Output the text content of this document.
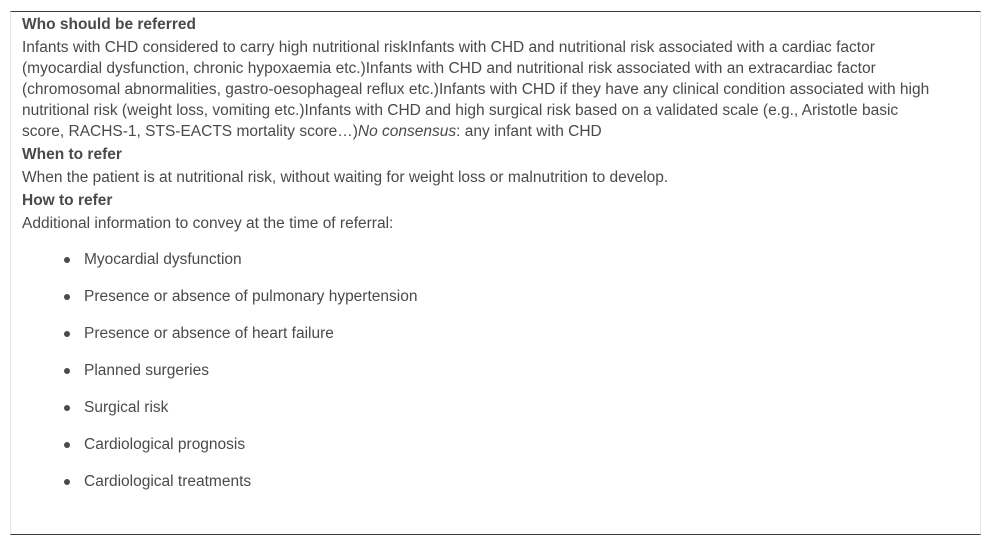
Who should be referred
Infants with CHD considered to carry high nutritional riskInfants with CHD and nutritional risk associated with a cardiac factor (myocardial dysfunction, chronic hypoxaemia etc.)Infants with CHD and nutritional risk associated with an extracardiac factor (chromosomal abnormalities, gastro-oesophageal reflux etc.)Infants with CHD if they have any clinical condition associated with high nutritional risk (weight loss, vomiting etc.)Infants with CHD and high surgical risk based on a validated scale (e.g., Aristotle basic score, RACHS-1, STS-EACTS mortality score…)No consensus: any infant with CHD
When to refer
When the patient is at nutritional risk, without waiting for weight loss or malnutrition to develop.
How to refer
Additional information to convey at the time of referral:
Myocardial dysfunction
Presence or absence of pulmonary hypertension
Presence or absence of heart failure
Planned surgeries
Surgical risk
Cardiological prognosis
Cardiological treatments
